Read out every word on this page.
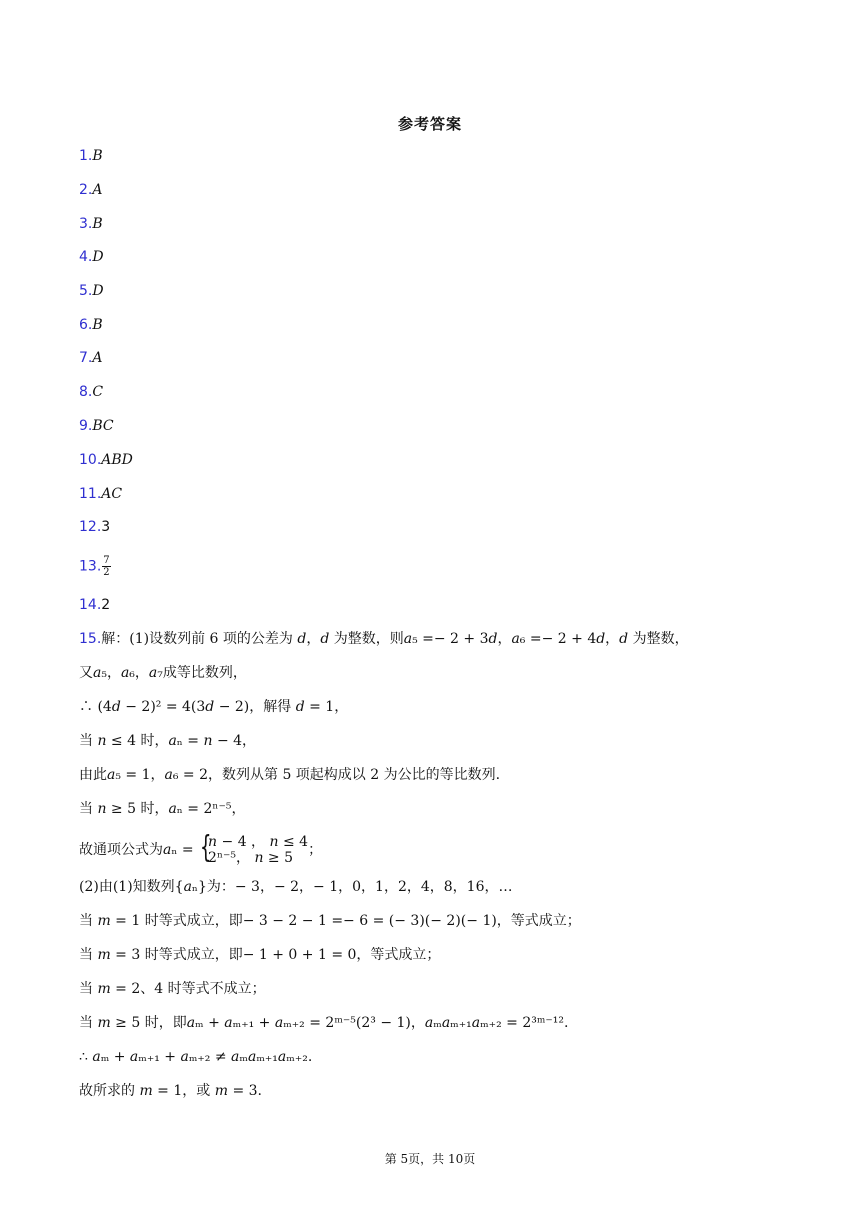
参考答案
1.B
2.A
3.B
4.D
5.D
6.B
7.A
8.C
9.BC
10.ABD
11.AC
12.3
13. $\frac{7}{2}$
14.2
15.解：(1)设数列前 6 项的公差为 𝑑，𝑑 为整数，则𝑎₅ =− 2 + 3𝑑，𝑎₆ =− 2 + 4𝑑，𝑑 为整数，
又𝑎₅，𝑎₆，𝑎₇成等比数列，
∴ (4𝑑 − 2)² = 4(3𝑑 − 2)，解得 𝑑 = 1，
当 𝑛 ≤ 4 时，𝑎ₙ = 𝑛 − 4，
由此𝑎₅ = 1，𝑎₆ = 2，数列从第 5 项起构成以 2 为公比的等比数列.
当 𝑛 ≥ 5 时，𝑎ₙ = 2ⁿ⁻⁵，
故通项公式为𝑎ₙ = {
𝑛 − 4 ， 𝑛 ≤ 4
2ⁿ⁻⁵， 𝑛 ≥ 5	；
(2)由(1)知数列{𝑎ₙ}为：− 3，− 2，− 1，0，1，2，4，8，16，…
当 𝑚 = 1 时等式成立，即− 3 − 2 − 1 =− 6 = (− 3)(− 2)(− 1)，等式成立；
当 𝑚 = 3 时等式成立，即− 1 + 0 + 1 = 0，等式成立；
当 𝑚 = 2、4 时等式不成立；
当 𝑚 ≥ 5 时，即𝑎ₘ + 𝑎ₘ₊₁ + 𝑎ₘ₊₂ = 2ᵐ⁻⁵(2³ − 1)，𝑎ₘ𝑎ₘ₊₁𝑎ₘ₊₂ = 2³ᵐ⁻¹².
∴ 𝑎ₘ + 𝑎ₘ₊₁ + 𝑎ₘ₊₂ ≠ 𝑎ₘ𝑎ₘ₊₁𝑎ₘ₊₂.
故所求的 𝑚 = 1，或 𝑚 = 3.
第 5页，共 10页
